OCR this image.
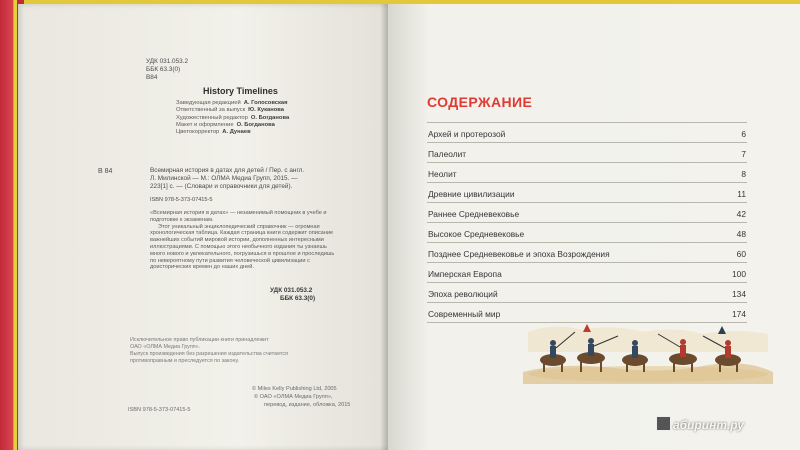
УДК 031.053.2
ББК 63.3(0)
В84
History Timelines
Заведующая редакцией А. Голосовская
Ответственный за выпуск Ю. Куканова
Художественный редактор О. Богданова
Макет и оформление О. Богданова
Цветокорректор А. Дунаев
В 84	Всемирная история в датах для детей / Пер. с англ.
Л. Милинской — М.: ОЛМА Медиа Групп, 2015. —
223[1] с. — (Словари и справочники для детей).
ISBN 978-5-373-07415-5

«Всемирная история в датах» — незаменимый помощник в учебе и подготовке к экзаменам.

Этот уникальный энциклопедический справочник — огромная хронологическая таблица. Каждая страница книги содержит описание важнейших событий мировой истории, дополненных интересными иллюстрациями. С помощью этого необычного издания ты узнаешь много нового и увлекательного, погрузишься в прошлое и проследишь по невероятному пути развития человеческой цивилизации с доисторических времен до наших дней.

УДК 031.053.2
ББК 63.3(0)
Исключительное право публикации книги принадлежит
ОАО «ОЛМА Медиа Групп».
Выпуск произведения без разрешения издательства считается
противоправным и преследуется по закону.
© Miles Kelly Publishing Ltd, 2005
© ОАО «ОЛМА Медиа Групп»,
перевод, издание, обложка, 2015
ISBN 978-5-373-07415-5
СОДЕРЖАНИЕ
Архей и протерозой	6
Палеолит	7
Неолит	8
Древние цивилизации	11
Раннее Средневековье	42
Высокое Средневековье	48
Позднее Средневековье и эпоха Возрождения	60
Имперская Европа	100
Эпоха революций	134
Современный мир	174
абиринт.ру
